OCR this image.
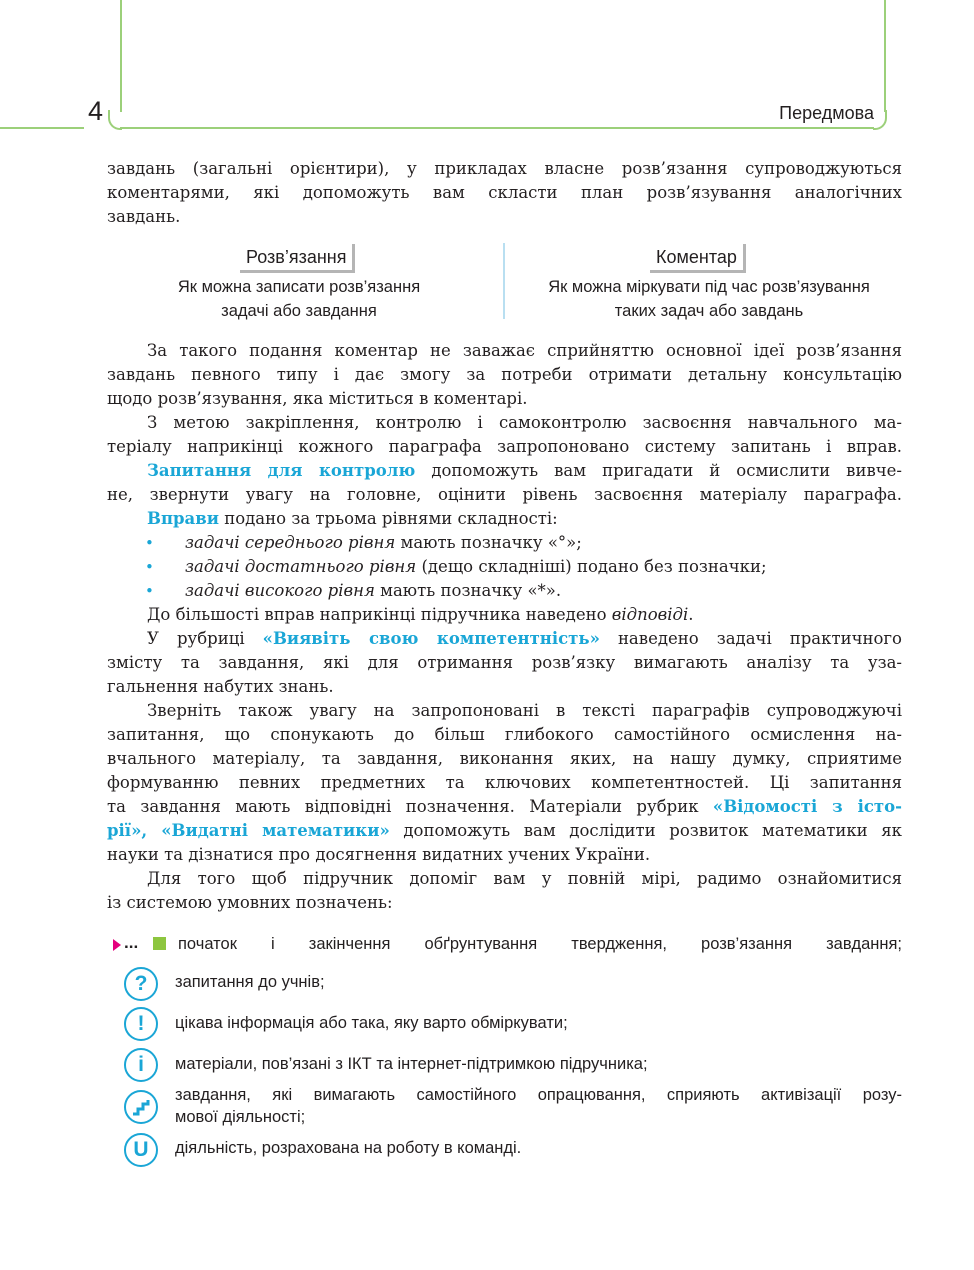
4	Передмова

завдань (загальні орієнтири), у прикладах власне розв’язання супроводжуються

коментарями, які допоможуть вам скласти план розв’язування аналогічних

завдань.

Розв’язання
Як можна записати розв’язання
задачі або завдання
Коментар
Як можна міркувати під час розв’язування
таких задач або завдань

За такого подання коментар не заважає сприйняттю основної ідеї розв’язання

завдань певного типу і дає змогу за потреби отримати детальну консультацію

щодо розв’язування, яка міститься в коментарі.

З метою закріплення, контролю і самоконтролю засвоєння навчального ма-

теріалу наприкінці кожного параграфа запропоновано систему запитань і вправ.

Запитання для контролю допоможуть вам пригадати й осмислити вивче-

не, звернути увагу на головне, оцінити рівень засвоєння матеріалу параграфа.

Вправи подано за трьома рівнями складності:

• задачі середнього рівня мають позначку «°»;

• задачі достатнього рівня (дещо складніші) подано без позначки;

• задачі високого рівня мають позначку «*».

До більшості вправ наприкінці підручника наведено відповіді.

У рубриці «Виявіть свою компетентність» наведено задачі практичного

змісту та завдання, які для отримання розв’язку вимагають аналізу та уза-

гальнення набутих знань.

Зверніть також увагу на запропоновані в тексті параграфів супроводжуючі

запитання, що спонукають до більш глибокого самостійного осмислення на-

вчального матеріалу, та завдання, виконання яких, на нашу думку, сприятиме

формуванню певних предметних та ключових компетентностей. Ці запитання

та завдання мають відповідні позначення. Матеріали рубрик «Відомості з істо-

рії», «Видатні математики» допоможуть вам дослідити розвиток математики як

науки та дізнатися про досягнення видатних учених України.

Для того щоб підручник допоміг вам у повній мірі, радимо ознайомитися

із системою умовних позначень:

... початок і закінчення обґрунтування твердження, розв’язання завдання;

?	запитання до учнів;
!	цікава інформація або така, яку варто обміркувати;
i	матеріали, пов’язані з ІКТ та інтернет-підтримкою підручника;

завдання, які вимагають самостійного опрацювання, сприяють активізації розу-

мової діяльності;

U	діяльність, розрахована на роботу в команді.
